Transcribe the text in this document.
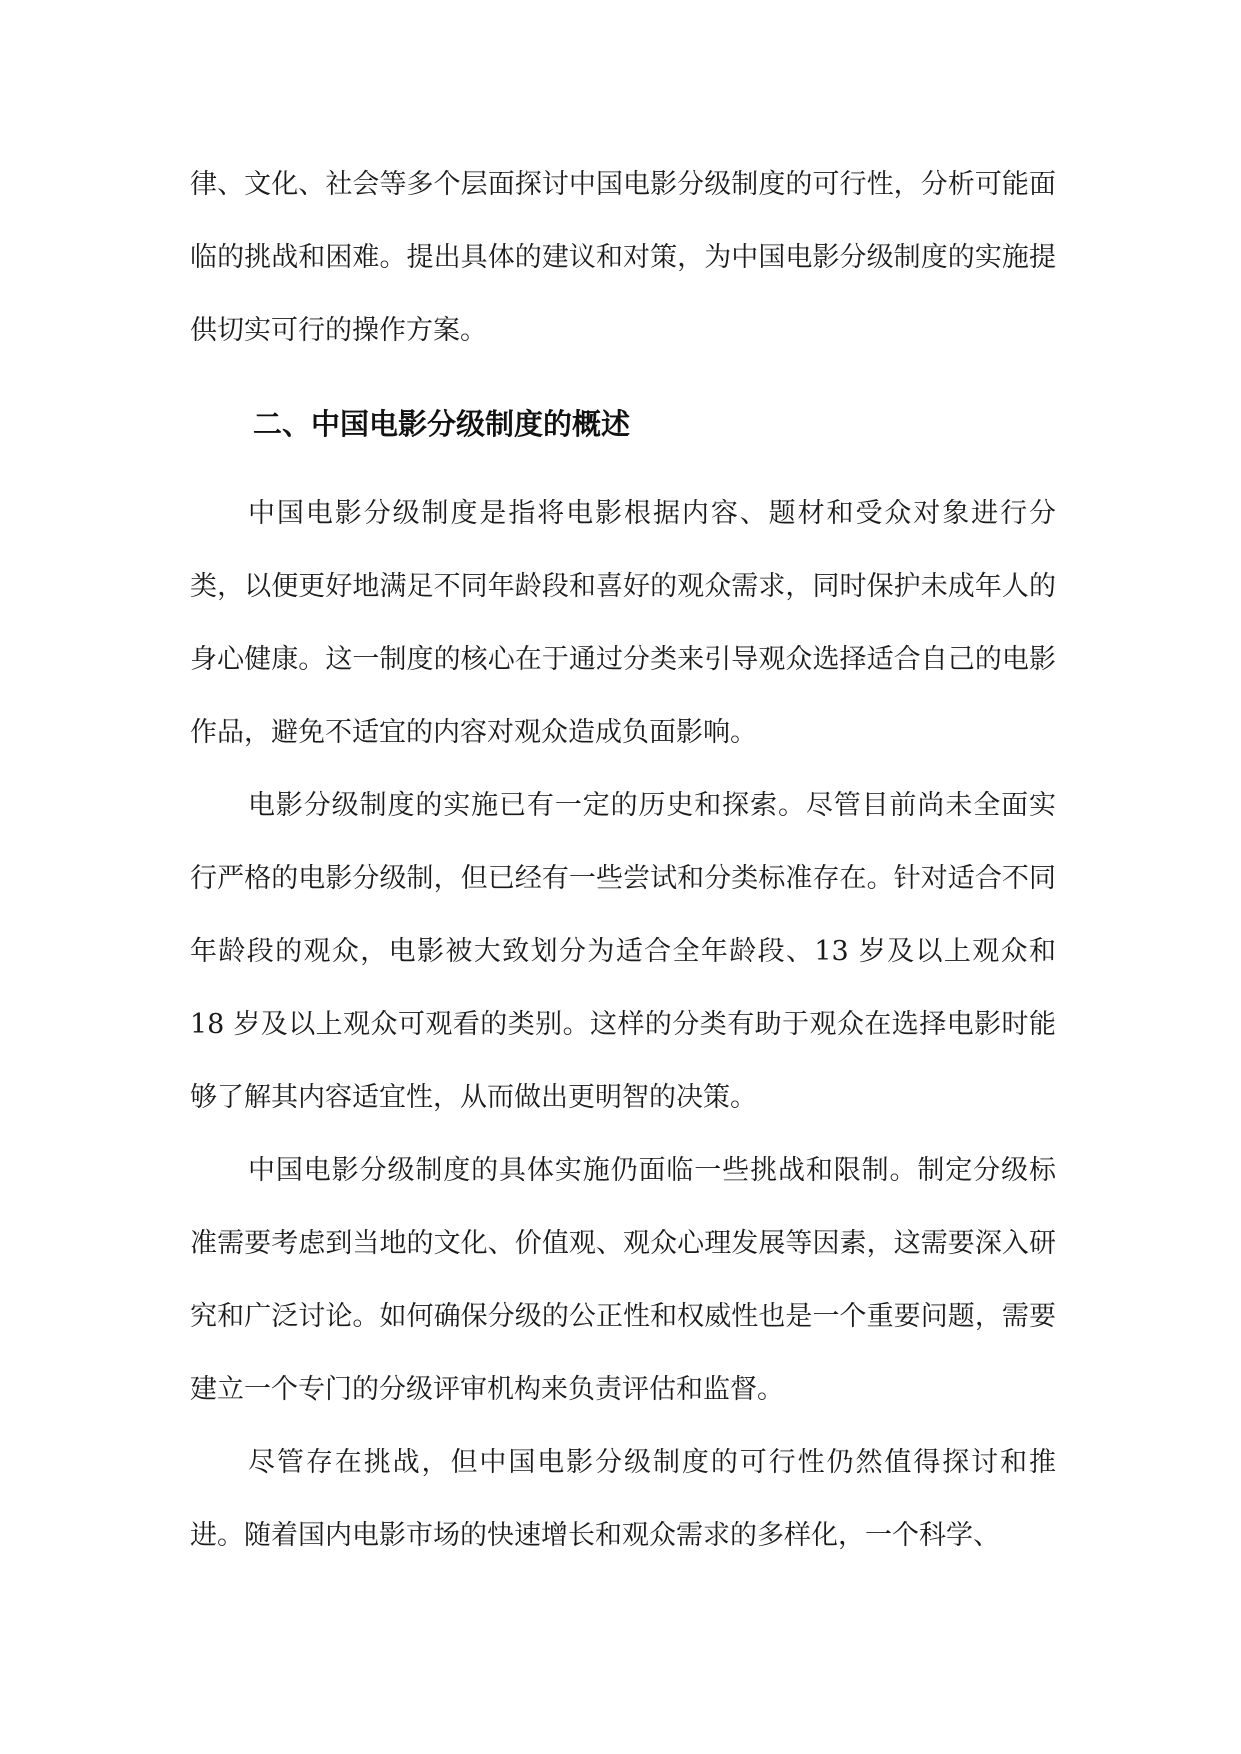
律、文化、社会等多个层面探讨中国电影分级制度的可行性，分析可能面临的挑战和困难。提出具体的建议和对策，为中国电影分级制度的实施提供切实可行的操作方案。

二、中国电影分级制度的概述

中国电影分级制度是指将电影根据内容、题材和受众对象进行分类，以便更好地满足不同年龄段和喜好的观众需求，同时保护未成年人的身心健康。这一制度的核心在于通过分类来引导观众选择适合自己的电影作品，避免不适宜的内容对观众造成负面影响。

电影分级制度的实施已有一定的历史和探索。尽管目前尚未全面实行严格的电影分级制，但已经有一些尝试和分类标准存在。针对适合不同年龄段的观众，电影被大致划分为适合全年龄段、13 岁及以上观众和 18 岁及以上观众可观看的类别。这样的分类有助于观众在选择电影时能够了解其内容适宜性，从而做出更明智的决策。

中国电影分级制度的具体实施仍面临一些挑战和限制。制定分级标准需要考虑到当地的文化、价值观、观众心理发展等因素，这需要深入研究和广泛讨论。如何确保分级的公正性和权威性也是一个重要问题，需要建立一个专门的分级评审机构来负责评估和监督。

尽管存在挑战，但中国电影分级制度的可行性仍然值得探讨和推进。随着国内电影市场的快速增长和观众需求的多样化，一个科学、
